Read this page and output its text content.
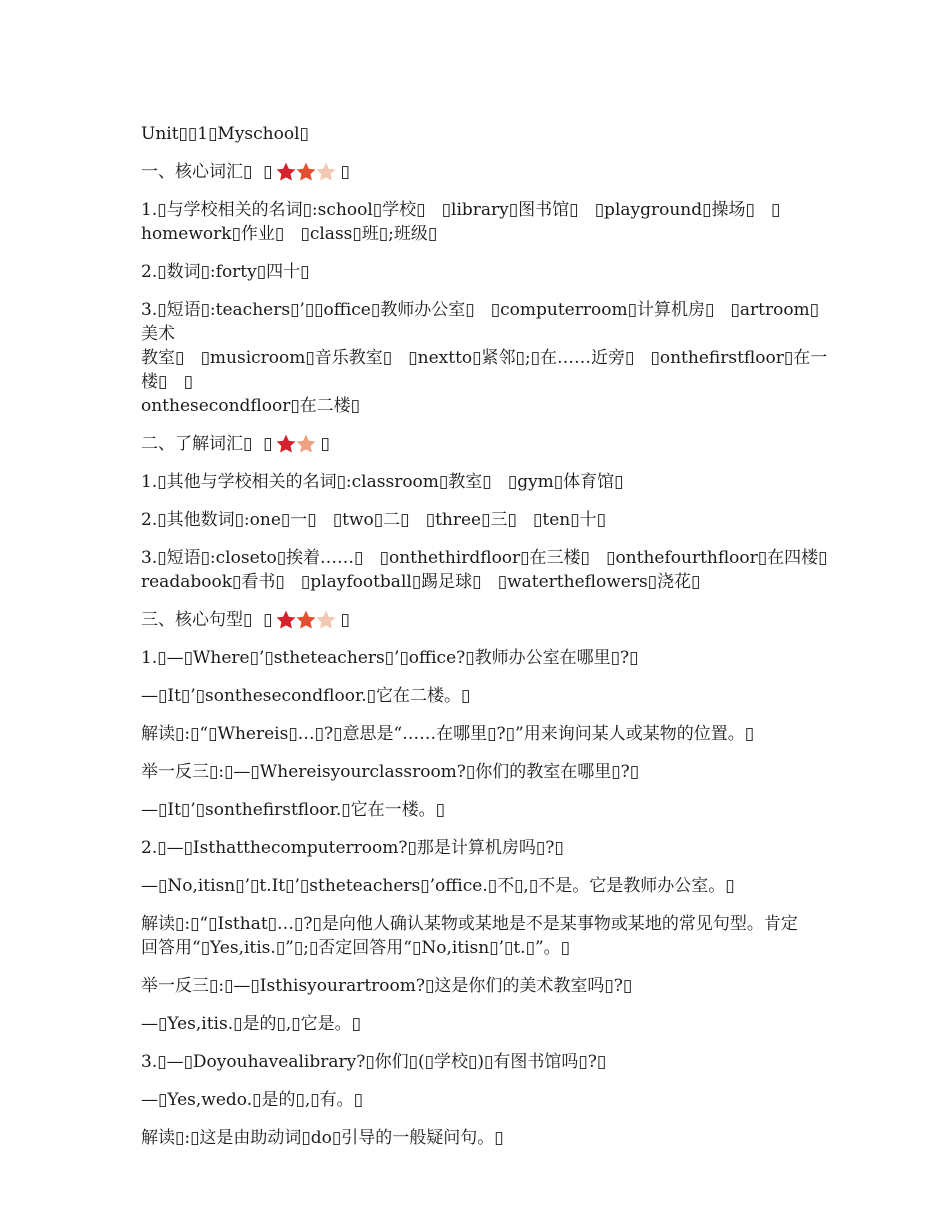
Unit▯▯1▯Myschool▯

一、核心词汇▯  ▯	▯

1.▯与学校相关的名词▯:school▯学校▯   ▯library▯图书馆▯   ▯playground▯操场▯   ▯
homework▯作业▯   ▯class▯班▯;班级▯

2.▯数词▯:forty▯四十▯

3.▯短语▯:teachers▯’▯▯office▯教师办公室▯   ▯computerroom▯计算机房▯   ▯artroom▯美术
教室▯   ▯musicroom▯音乐教室▯   ▯nextto▯紧邻▯;▯在……近旁▯   ▯onthefirstfloor▯在一楼▯   ▯
onthesecondfloor▯在二楼▯

二、了解词汇▯  ▯	▯

1.▯其他与学校相关的名词▯:classroom▯教室▯   ▯gym▯体育馆▯

2.▯其他数词▯:one▯一▯   ▯two▯二▯   ▯three▯三▯   ▯ten▯十▯

3.▯短语▯:closeto▯挨着……▯   ▯onthethirdfloor▯在三楼▯   ▯onthefourthfloor▯在四楼▯
readabook▯看书▯   ▯playfootball▯踢足球▯   ▯watertheflowers▯浇花▯

三、核心句型▯  ▯	▯

1.▯—▯Where▯’▯stheteachers▯’▯office?▯教师办公室在哪里▯?▯

—▯It▯’▯sonthesecondfloor.▯它在二楼。▯

解读▯:▯“▯Whereis▯…▯?▯意思是“……在哪里▯?▯”用来询问某人或某物的位置。▯

举一反三▯:▯—▯Whereisyourclassroom?▯你们的教室在哪里▯?▯

—▯It▯’▯sonthefirstfloor.▯它在一楼。▯

2.▯—▯Isthatthecomputerroom?▯那是计算机房吗▯?▯

—▯No,itisn▯’▯t.It▯’▯stheteachers▯’office.▯不▯,▯不是。它是教师办公室。▯

解读▯:▯“▯Isthat▯…▯?▯是向他人确认某物或某地是不是某事物或某地的常见句型。肯定
回答用“▯Yes,itis.▯”▯;▯否定回答用“▯No,itisn▯’▯t.▯”。▯

举一反三▯:▯—▯Isthisyourartroom?▯这是你们的美术教室吗▯?▯

—▯Yes,itis.▯是的▯,▯它是。▯

3.▯—▯Doyouhavealibrary?▯你们▯(▯学校▯)▯有图书馆吗▯?▯

—▯Yes,wedo.▯是的▯,▯有。▯

解读▯:▯这是由助动词▯do▯引导的一般疑问句。▯
